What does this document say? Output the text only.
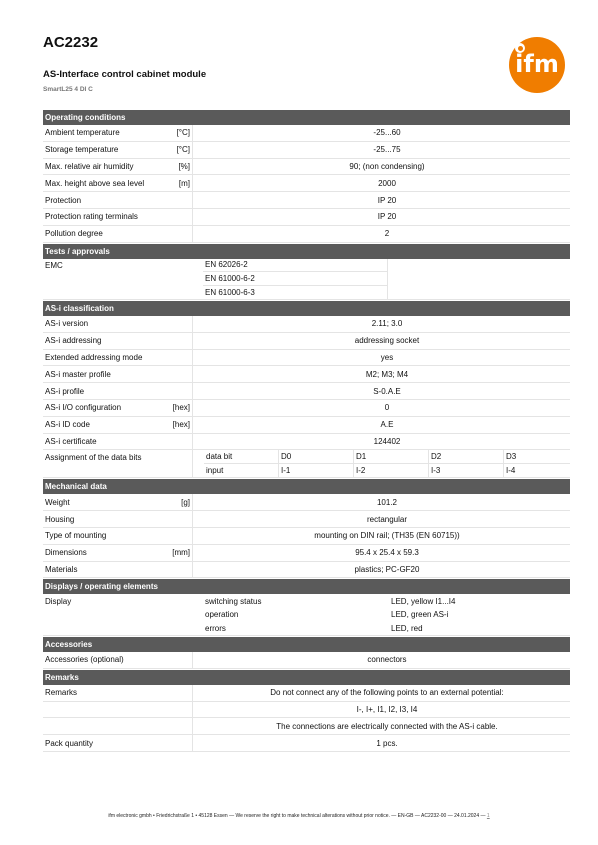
AC2232
AS-Interface control cabinet module
SmartL25 4 DI C
ifm
Operating conditions
Ambient temperature	[°C]	-25...60
Storage temperature	[°C]	-25...75
Max. relative air humidity	[%]	90; (non condensing)
Max. height above sea level	[m]	2000
Protection	IP 20
Protection rating terminals	IP 20
Pollution degree	2
Tests / approvals
EMC	EN 62026-2
EN 61000-6-2
EN 61000-6-3
AS-i classification
AS-i version	2.11; 3.0
AS-i addressing	addressing socket
Extended addressing mode	yes
AS-i master profile	M2; M3; M4
AS-i profile	S-0.A.E
AS-i I/O configuration	[hex]	0
AS-i ID code	[hex]	A.E
AS-i certificate	124402
Assignment of the data bits	data bit	D0	D1	D2	D3
input	I-1	I-2	I-3	I-4
Mechanical data
Weight	[g]	101.2
Housing	rectangular
Type of mounting	mounting on DIN rail; (TH35 (EN 60715))
Dimensions	[mm]	95.4 x 25.4 x 59.3
Materials	plastics; PC-GF20
Displays / operating elements
Display	switching status	LED, yellow I1...I4
operation	LED, green AS-i
errors	LED, red
Accessories
Accessories (optional)	connectors
Remarks
Remarks	Do not connect any of the following points to an external potential:
I-, I+, I1, I2, I3, I4
The connections are electrically connected with the AS-i cable.
Pack quantity	1 pcs.
ifm electronic gmbh • Friedrichstraße 1 • 45128 Essen — We reserve the right to make technical alterations without prior notice. — EN-GB — AC2232-00 — 24.01.2024 — 1
